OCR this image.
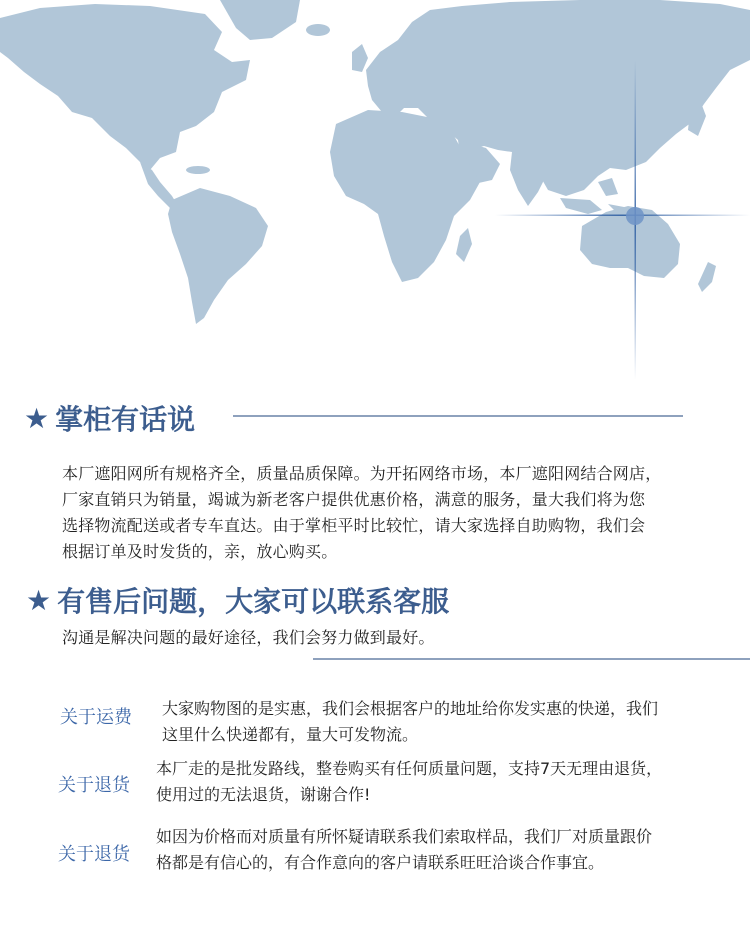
★ 掌柜有话说
本厂遮阳网所有规格齐全，质量品质保障。为开拓网络市场，本厂遮阳网结合网店，
厂家直销只为销量，竭诚为新老客户提供优惠价格，满意的服务，量大我们将为您
选择物流配送或者专车直达。由于掌柜平时比较忙，请大家选择自助购物，我们会
根据订单及时发货的，亲，放心购买。
★ 有售后问题，大家可以联系客服
沟通是解决问题的最好途径，我们会努力做到最好。
关于运费 大家购物图的是实惠，我们会根据客户的地址给你发实惠的快递，我们
这里什么快递都有，量大可发物流。
关于退货
本厂走的是批发路线，整卷购买有任何质量问题，支持7天无理由退货，
使用过的无法退货，谢谢合作!
关于退货
如因为价格而对质量有所怀疑请联系我们索取样品，我们厂对质量跟价
格都是有信心的，有合作意向的客户请联系旺旺洽谈合作事宜。
